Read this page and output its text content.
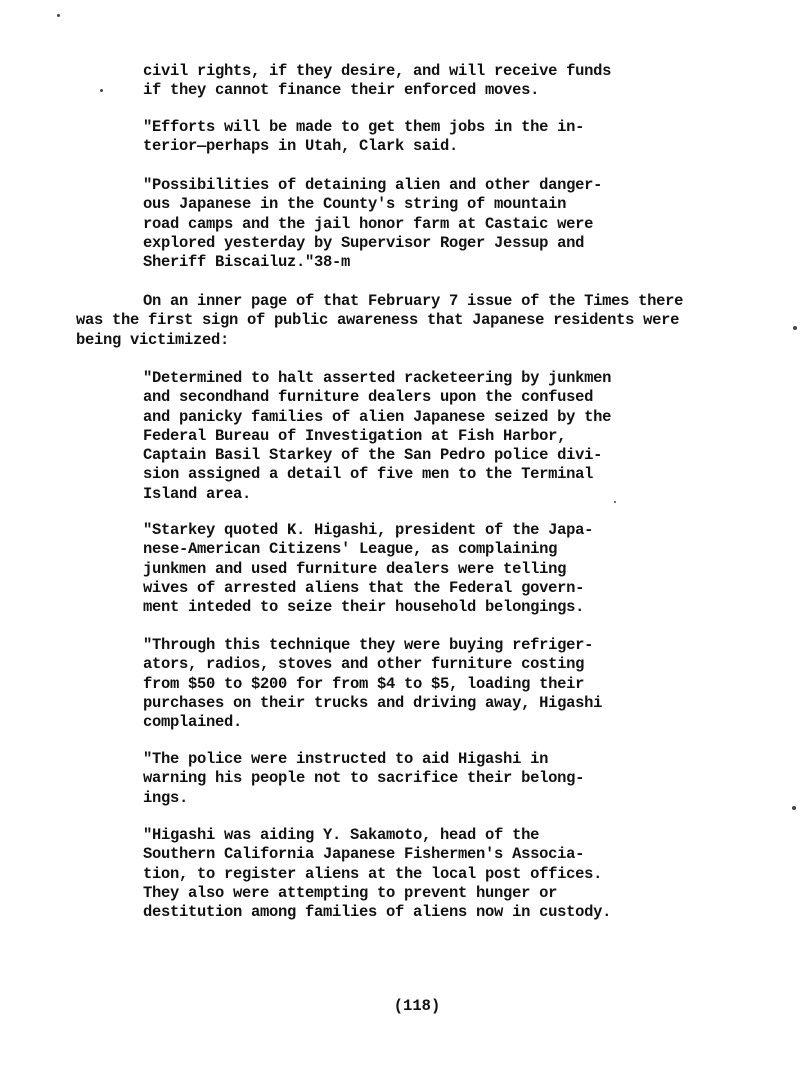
civil rights, if they desire, and will receive funds
if they cannot finance their enforced moves.
"Efforts will be made to get them jobs in the in-
terior—perhaps in Utah, Clark said.
"Possibilities of detaining alien and other danger-
ous Japanese in the County's string of mountain
road camps and the jail honor farm at Castaic were
explored yesterday by Supervisor Roger Jessup and
Sheriff Biscailuz."38-m
On an inner page of that February 7 issue of the Times there
was the first sign of public awareness that Japanese residents were
being victimized:
"Determined to halt asserted racketeering by junkmen
and secondhand furniture dealers upon the confused
and panicky families of alien Japanese seized by the
Federal Bureau of Investigation at Fish Harbor,
Captain Basil Starkey of the San Pedro police divi-
sion assigned a detail of five men to the Terminal
Island area.
"Starkey quoted K. Higashi, president of the Japa-
nese-American Citizens' League, as complaining
junkmen and used furniture dealers were telling
wives of arrested aliens that the Federal govern-
ment inteded to seize their household belongings.
"Through this technique they were buying refriger-
ators, radios, stoves and other furniture costing
from $50 to $200 for from $4 to $5, loading their
purchases on their trucks and driving away, Higashi
complained.
"The police were instructed to aid Higashi in
warning his people not to sacrifice their belong-
ings.
"Higashi was aiding Y. Sakamoto, head of the
Southern California Japanese Fishermen's Associa-
tion, to register aliens at the local post offices.
They also were attempting to prevent hunger or
destitution among families of aliens now in custody.
(118)
